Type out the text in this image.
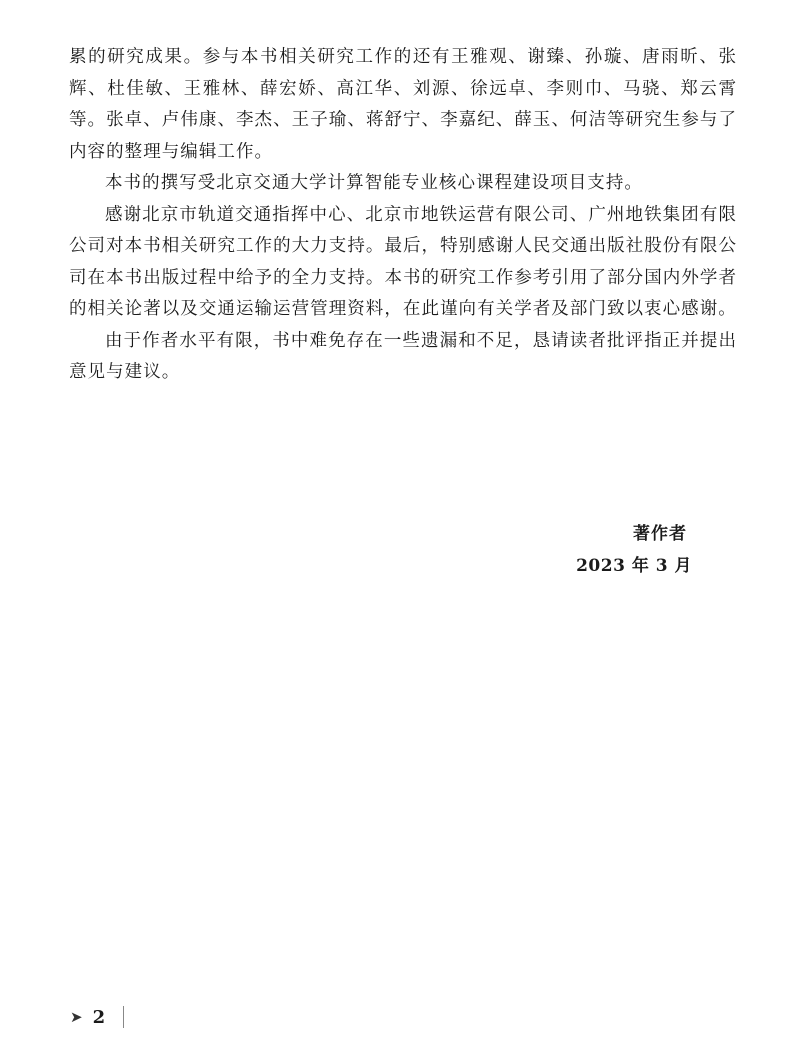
累的研究成果。参与本书相关研究工作的还有王雅观、谢臻、孙璇、唐雨昕、张辉、杜佳敏、王雅林、薛宏娇、高江华、刘源、徐远卓、李则巾、马骁、郑云霄等。张卓、卢伟康、李杰、王子瑜、蒋舒宁、李嘉纪、薛玉、何洁等研究生参与了内容的整理与编辑工作。

本书的撰写受北京交通大学计算智能专业核心课程建设项目支持。

感谢北京市轨道交通指挥中心、北京市地铁运营有限公司、广州地铁集团有限公司对本书相关研究工作的大力支持。最后，特别感谢人民交通出版社股份有限公司在本书出版过程中给予的全力支持。本书的研究工作参考引用了部分国内外学者的相关论著以及交通运输运营管理资料，在此谨向有关学者及部门致以衷心感谢。

由于作者水平有限，书中难免存在一些遗漏和不足，恳请读者批评指正并提出意见与建议。

著作者
2023 年 3 月
➤ 2
